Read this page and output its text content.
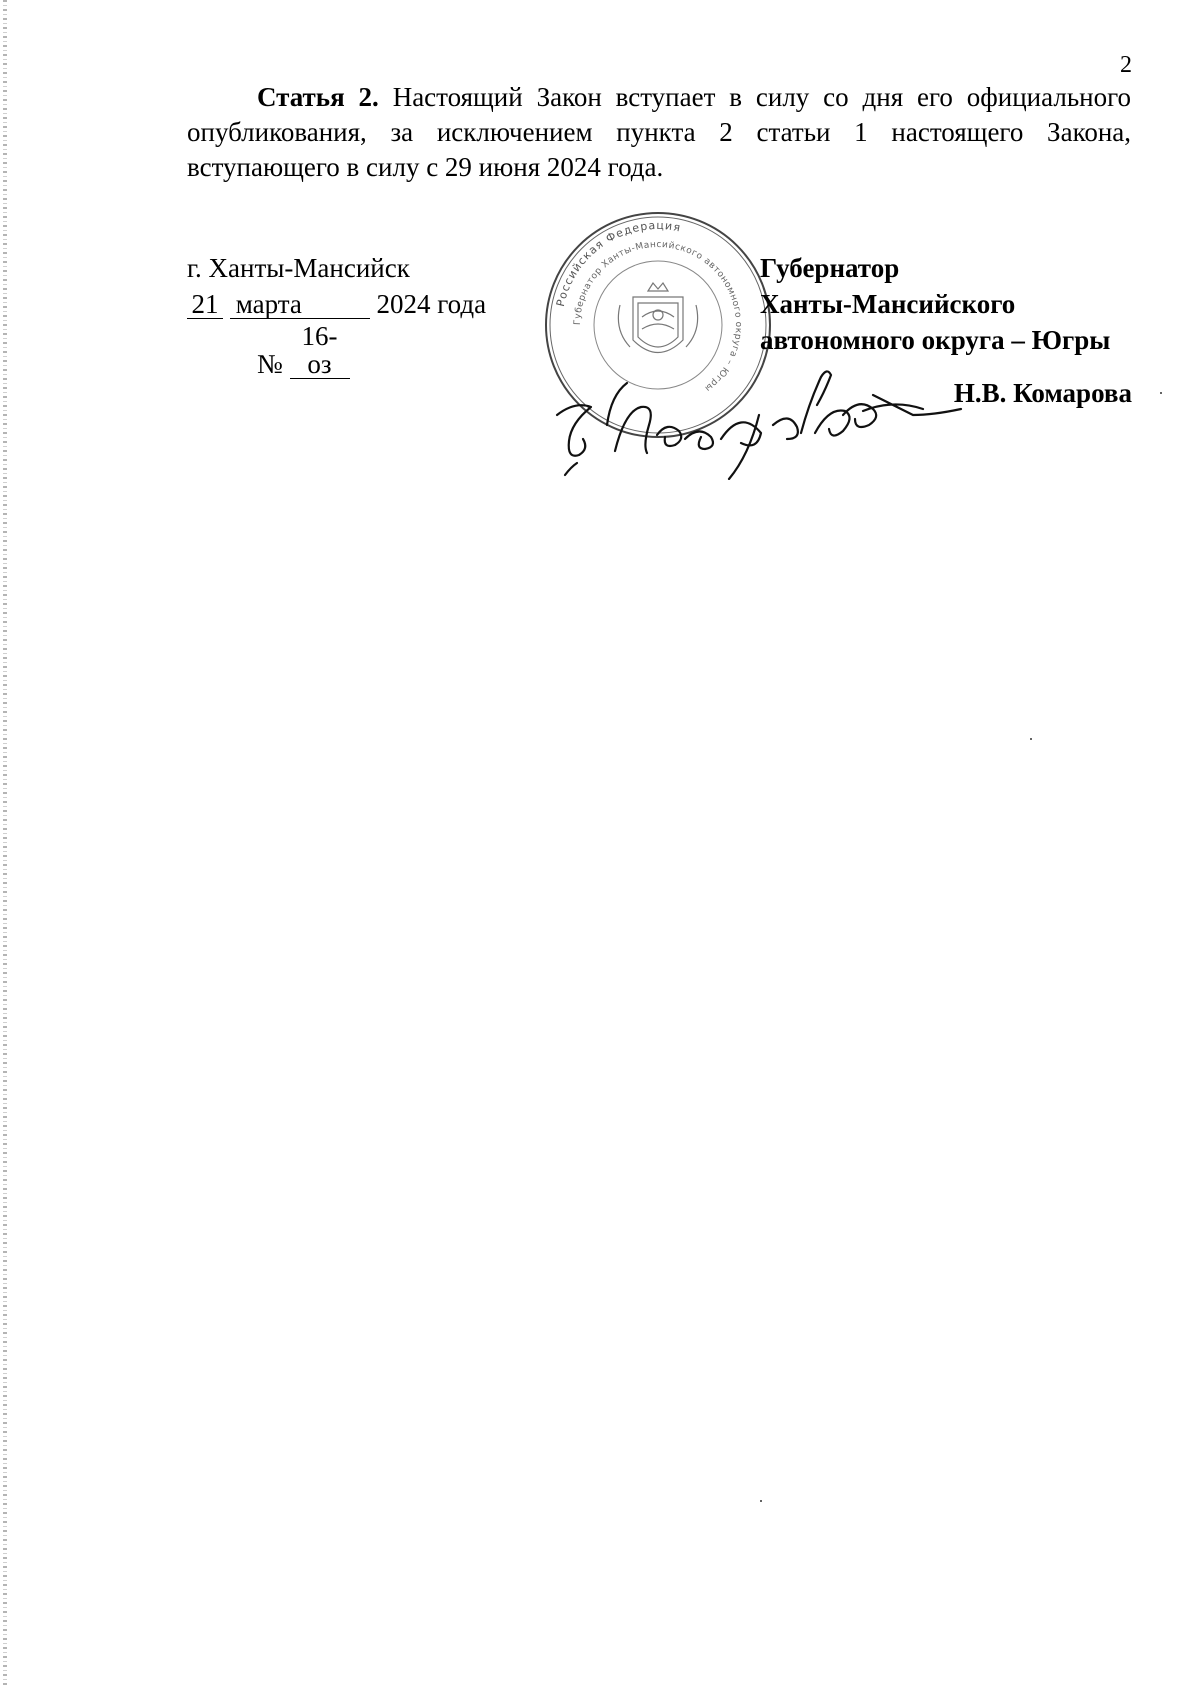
2
Статья 2. Настоящий Закон вступает в силу со дня его официального
опубликования, за исключением пункта 2 статьи 1 настоящего Закона,
вступающего в силу с 29 июня 2024 года.
г. Ханты-Мансийск
21 марта	2024 года
№ 16-оз
Российская Федерация
Губернатор Ханты-Мансийского автономного округа – Югры
Губернатор
Ханты-Мансийского
автономного округа – Югры
Н.В. Комарова
